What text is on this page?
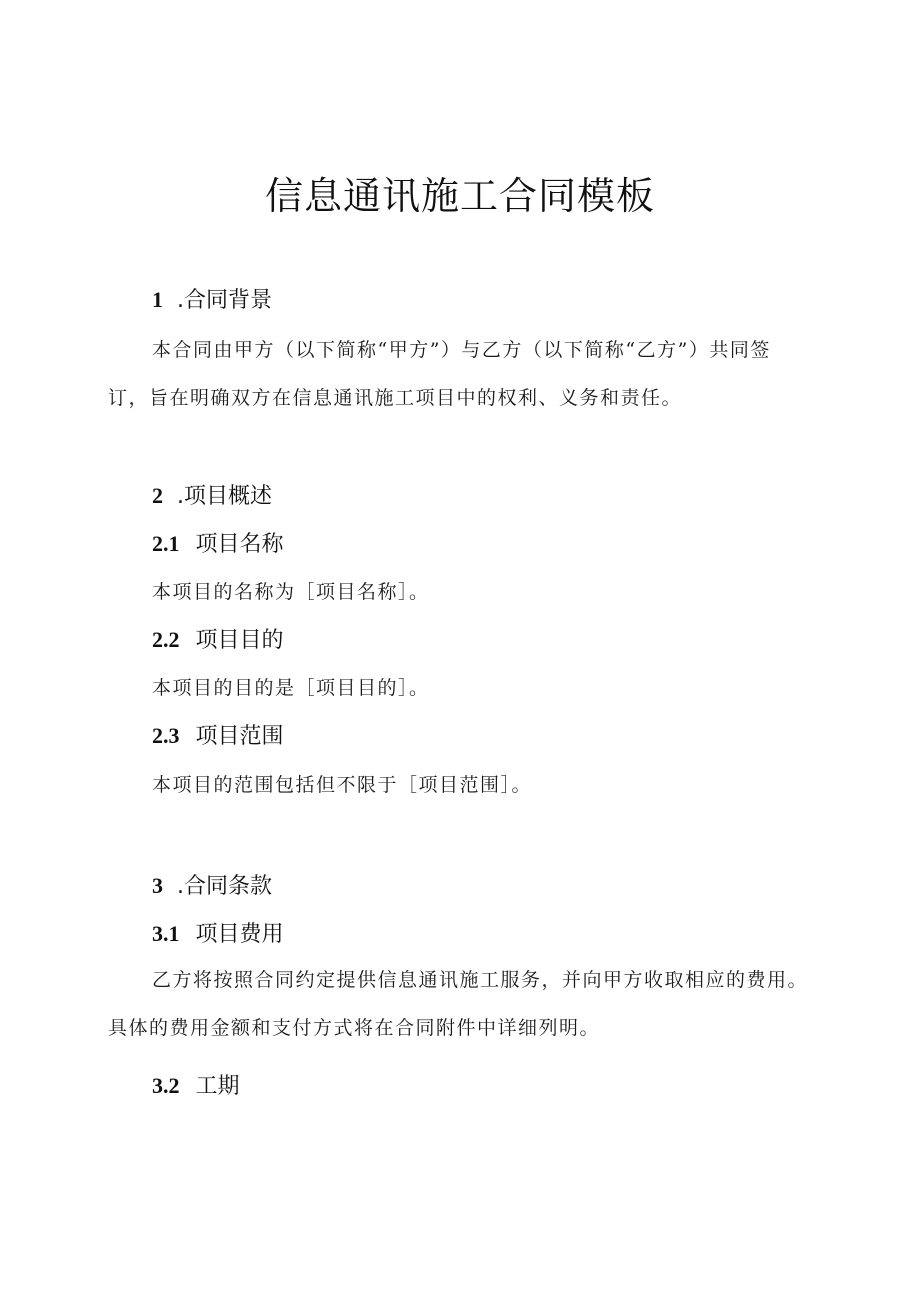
信息通讯施工合同模板
1 .合同背景
本合同由甲方（以下简称“甲方”）与乙方（以下简称“乙方”）共同签订，旨在明确双方在信息通讯施工项目中的权利、义务和责任。
2 .项目概述
2.1 项目名称
本项目的名称为［项目名称］。
2.2 项目目的
本项目的目的是［项目目的］。
2.3 项目范围
本项目的范围包括但不限于［项目范围］。
3 .合同条款
3.1 项目费用
乙方将按照合同约定提供信息通讯施工服务，并向甲方收取相应的费用。具体的费用金额和支付方式将在合同附件中详细列明。
3.2 工期
